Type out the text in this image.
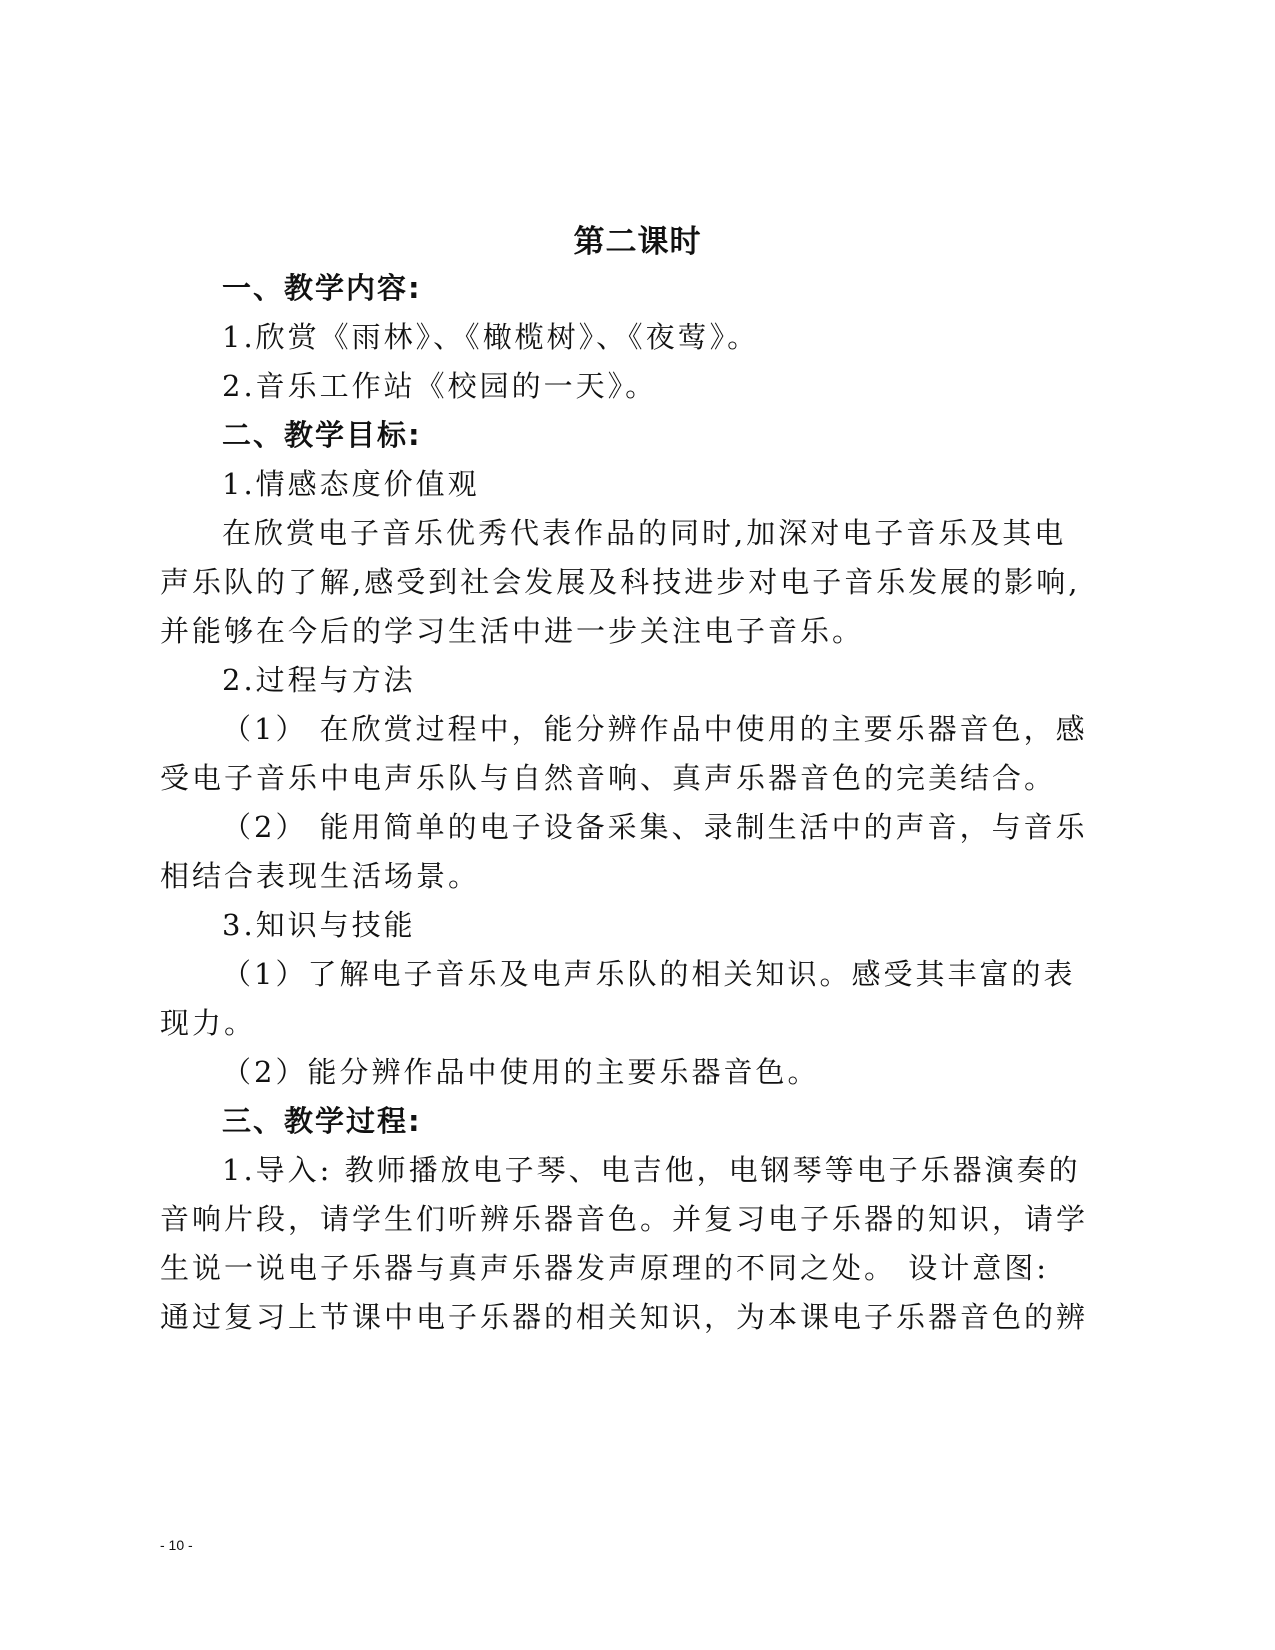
第二课时
一、教学内容:
1.欣赏《雨林》、《橄榄树》、《夜莺》。
2.音乐工作站《校园的一天》。
二、教学目标:
1.情感态度价值观
在欣赏电子音乐优秀代表作品的同时,加深对电子音乐及其电
声乐队的了解,感受到社会发展及科技进步对电子音乐发展的影响,
并能够在今后的学习生活中进一步关注电子音乐。
2.过程与方法
（1） 在欣赏过程中，能分辨作品中使用的主要乐器音色，感
受电子音乐中电声乐队与自然音响、真声乐器音色的完美结合。
（2） 能用简单的电子设备采集、录制生活中的声音，与音乐
相结合表现生活场景。
3.知识与技能
（1）了解电子音乐及电声乐队的相关知识。感受其丰富的表
现力。
（2）能分辨作品中使用的主要乐器音色。
三、教学过程:
1.导入: 教师播放电子琴、电吉他，电钢琴等电子乐器演奏的
音响片段，请学生们听辨乐器音色。并复习电子乐器的知识，请学
生说一说电子乐器与真声乐器发声原理的不同之处。 设计意图:
通过复习上节课中电子乐器的相关知识，为本课电子乐器音色的辨
- 10 -
